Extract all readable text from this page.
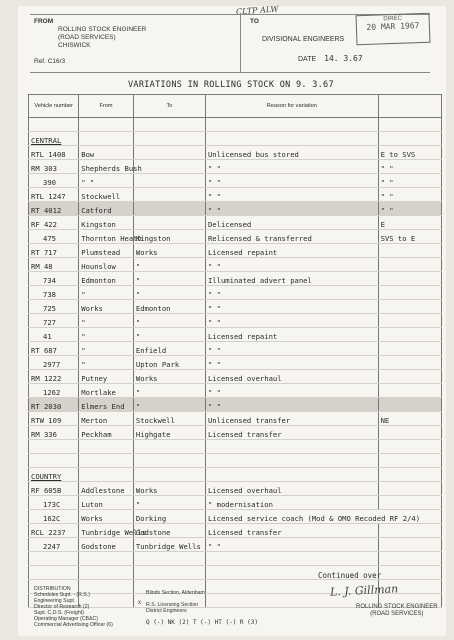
CLTP ALW
FROM
ROLLING STOCK ENGINEER
(ROAD SERVICES)
CHISWICK
Ref. C16/3
TO
DIVISIONAL ENGINEERS
DATE 14. 3.67
DIREC
20 MAR 1967
VARIATIONS IN ROLLING STOCK ON 9. 3.67
Vehicle number	From	To	Reason for variation	

CENTRAL				
RTL 1408	Bow		Unlicensed bus stored	E to SVS
RM 303	Shepherds Bush		" "	" "
390	" "		" "	" "
RTL 1247	Stockwell		" "	" "
RT 4012	Catford		" "	" "
RF 422	Kingston		Delicensed	E
475	Thornton Heath	Kingston	Relicensed & transferred	SVS to E
RT 717	Plumstead	Works	Licensed repaint	
RM 48	Hounslow	"	" "	
734	Edmonton	"	Illuminated advert panel	
738	"	"	" "	
725	Works	Edmonton	" "	
727	"	"	" "	
41	"	"	Licensed repaint	
RT 687	"	Enfield	" "	
2977	"	Upton Park	" "	
RM 1222	Putney	Works	Licensed overhaul	
1262	Mortlake	"	" "	
RT 2030	Elmers End	"	" "	
RTW 109	Merton	Stockwell	Unlicensed transfer	NE
RM 336	Peckham	Highgate	Licensed transfer	

COUNTRY				
RF 605B	Addlestone	Works	Licensed overhaul	
173C	Luton	"	" modernisation	
162C	Works	Dorking	Licensed service coach (Mod & OMO Recoded RF 2/4)	
RCL 2237	Tunbridge Wells	Godstone	Licensed transfer	
2247	Godstone	Tunbridge Wells	" "	

Continued over
DISTRIBUTION
Schedules Supt. - (R.S.)
Engineering Supt.
Director of Research (2)
Supt. C.D.S. (Freight)
Operating Manager (CB&C)
Commercial Advertising Officer (6)
x
Blinds Section, Aldenham

R.S. Licensing Section
District Engineers
Q (-) NK (2) T (-) HT (-) R (3)
L. J. Gillman
ROLLING STOCK ENGINEER
(ROAD SERVICES)
